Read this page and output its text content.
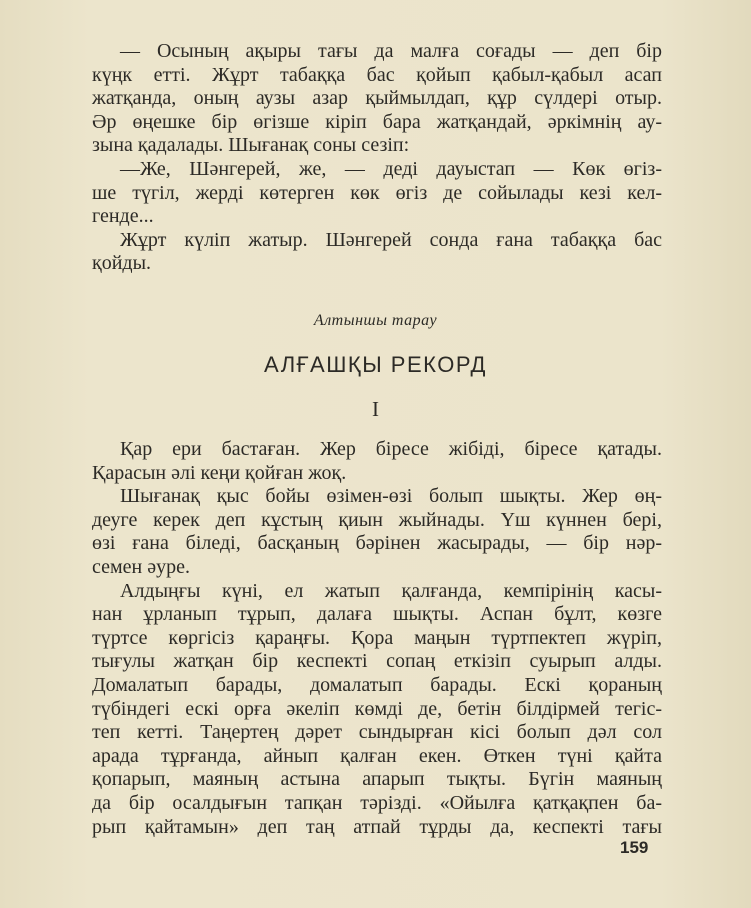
— Осының ақыры тағы да малға соғады — деп бір
күңк етті. Жұрт табаққа бас қойып қабыл-қабыл асап
жатқанда, оның аузы азар қыймылдап, құр сүлдері отыр.
Әр өңешке бір өгізше кіріп бара жатқандай, әркімнің ау-
зына қадалады. Шығанақ соны сезіп:
—Же, Шәнгерей, же, — деді дауыстап — Көк өгіз-
ше түгіл, жерді көтерген көк өгіз де сойылады кезі кел-
генде...
Жұрт күліп жатыр. Шәнгерей сонда ғана табаққа бас
қойды.
Алтыншы тарау
АЛҒАШҚЫ РЕКОРД
I
Қар ери бастаған. Жер біресе жібіді, біресе қатады.
Қарасын әлі кеңи қойған жоқ.
Шығанақ қыс бойы өзімен-өзі болып шықты. Жер өң-
деуге керек деп кұстың қиын жыйнады. Үш күннен бері,
өзі ғана біледі, басқаның бәрінен жасырады, — бір нәр-
семен әуре.
Алдыңғы күні, ел жатып қалғанда, кемпірінің касы-
нан ұрланып тұрып, далаға шықты. Аспан бұлт, көзге
түртсе көргісіз қараңғы. Қора маңын түртпектеп жүріп,
тығулы жатқан бір кеспекті сопаң еткізіп суырып алды.
Домалатып барады, домалатып барады. Ескі қораның
түбіндегі ескі орға әкеліп көмді де, бетін білдірмей тегіс-
теп кетті. Таңертең дәрет сындырған кісі болып дәл сол
арада тұрғанда, айнып қалған екен. Өткен түні қайта
қопарып, маяның астына апарып тықты. Бүгін маяның
да бір осалдығын тапқан тәрізді. «Ойылға қатқақпен ба-
рып қайтамын» деп таң атпай тұрды да, кеспекті тағы
159
